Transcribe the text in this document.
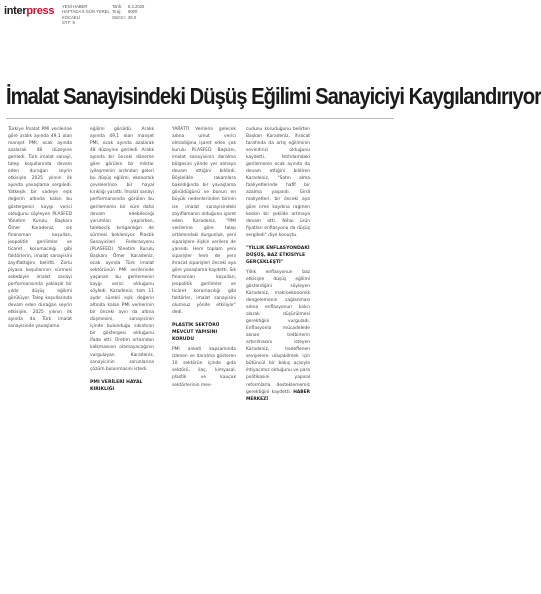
interpress YENİ HABER
HAFTADA 6 GÜN YEREL
KOCAELİ
SYF: 9
Tarih:	8.3.2025
Tiraj:	6000
StxCm: 36.0
İmalat Sanayisindeki Düşüş Eğilimi Sanayiciyi Kaygılandırıyor

Türkiye İmalat PMI verilerine göre aralık ayında 49,1 olan manşet PMI, ocak ayında azalarak 48 düzeyine geriledi. Türk imalat sanayi, talep koşullarında devam eden durağan seyrin etkisiyle 2025 yılının ilk ayında yavaşlama sergiledi. Yatkeşik bir vadeye eşik değerin altında kalan bu göstergenin kaygı verici olduğunu söyleyen PLASFED Yönetim Kurulu Başkanı Ömer Karadeniz, sık finansman koşulları, jeopolitik gerilimler ve ticaret korumacılığı gibi faktörlerin, imalat sanayisini zayıflattığını belirtti. Zorlu piyasa koşullarının sürmesi sebebiyle imalat sanayi performansında yaklaşık bir yıldır düşüş eğilimi görülüyor. Talep koşullarında devam eden durağan seyrin etkisiyle, 2025 yılının ilk ayında da Türk imalat sanayisinde yavaşlama

eğilimi görüldü. Aralık ayında 49,1 olan manşet PMI, ocak ayında azalarak 48 düzeyine geriledi. Aralık ayında bir önceki döneme göre görülen bir miktar iyileşmenin ardından geleri bu düşüş eğilimi, ekonomik çevrelerince bir hayal kırıklığı yarattı. İmalat sanayi performansında görülen bu gerilemenin bir süre daha devam edebileceği yorumları yapılırken, talebecik kırılganlığın de sürmesi bekleniyor. Plastik Sanayicileri Federasyonu (PLASFED) Yönetim Kurulu Başkanı Ömer Karadeniz, ocak ayında Türk imalat sektörünün PMI verilerinde yaşanan bu gerilemenin kaygı verici olduğunu söyledi. Karadeniz, tam 11 aydır sürekli eşik değerin altında kalan PMI verilerinin bir önceki ayın da altına düşmesini, sanayicinin içinde bulunduğu sıkıntının bir göstergesi olduğunu ifade etti. Üretim ortamdan kalkmasının olamayacağının vurgulayan Karadeniz, sanayicinin sorunlarına çözüm bulunmasını istedi.

PMI VERİLERİ HAYAL KIRIKLIĞI

YARATTI Verilerin gelecek adına umut verici olmadığına işaret eden çok kurulu PLASFED Başkanı, imalat sanayisinin daralma bölgesini yönde yer almaya devam ettiğini bildirdi. Böylelikle rakamlara bakıldığında bir yavaşlama görüldüğünü ve bunun en büyük nedenlerinden birinin ise imalat sanayisindeki zayıflamanın olduğunu işaret eden Karadeniz, "PMI verilerine göre talep ortamındaki durgunluk, yeni siparişlere ilişkin verilere de yansıdı. Hem toplam yeni siparişler hem de yeni ihracat siparişleri önceki aya göre yavaşlama kaydetti. Sık finansman koşulları, jeopolitik gerilimler ve ticaret korumacılığı gibi faktörler, imalat sanayisini olumsuz yönde etkiliyor" dedi.

PLASTİK SEKTÖRÜ MEVCUT YAPISINI KORUDU

PMI anketi kapsamında izlenen ve daralma gösteren 10 sektörün içinde gıda sektörü, ilaç, kimyasal, plastik ve kauçuk sektörlerinin mev-

cudunu koruduğunu belirten Başkan Karadeniz, ihracat tarafında da artış eğiliminin sevindirici olduğunu kaydetti. İstihdamdaki gerilemenin ocak ayında da devam ettiğini bildiren Karadeniz, "Satın alma faaliyetlerinde hafif bir azalma yaşandı. Girdi maliyetleri, bir önceki aya göre irme kaydına rağmen keskin bir şekilde artmaya devam etti. Nihai ürün fiyatları enflasyonu da düşüş sergiledi" diye konuştu.

"YILLIK ENFLASYONDAKİ DÜŞÜŞ, BAZ ETKİSİYLE GERÇEKLEŞTİ"

Yıllık enflasyonun baz etkisiyle düşüş eğilimi gösterdiğini söyleyen Karadeniz, makroekonomik dengelemenin sağlanması adına enflasyonun kalıcı olarak düşürülmesi gerektiğini vurguladı. Enflasyonla mücadelede alınan tedbirlerin artırılmasını isteyen Karadeniz, hedeflenen seviyelere ulaşabilmek için bütüncül bir bakış açısıyla ihtiyacımız olduğunu ve para politikasını yapısal reformlarla desteklememiz gerektiğini kaydetti. HABER MERKEZİ
